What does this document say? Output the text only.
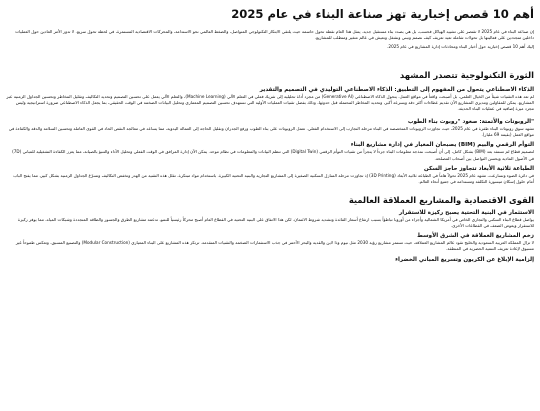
أهم 10 قصص إخبارية تهز صناعة البناء في عام 2025

إن صناعة البناء في عام 2025 لا تقتصر على تشييد الهياكل فحسب، بل هي بصدد بناء مستقبل جديد. يمثل هذا العام نقطة تحول حاسمة حيث يلتقي الابتكار التكنولوجي المتواصل، والضغط العالمي نحو الاستدامة، والمحركات الاقتصادية المستمرة، في لحظة تحول سريع. لا تدور الأمر العادين حول العمليات داخلين متجددين على فعاليتها بل تحولات شاملة تعيد تعريف كيف نصمم ونبني ونشغل ونعيش في عالم متغير ومتطلب للمشاريع.

إليك أهم 10 قصص إخبارية حول أخبار البناء ومحادثات إدارة المشاريع في عام 2025.

الثورة التكنولوجية تتصدر المشهد
الذكاء الاصطناعي يتحول من المفهوم إلى التطبيق: الذكاء الاصطناعي التوليدي في التصميم والتقدير

لم تعد هذه التقنيات شيئاً من الخيال العلمي، بل أصبحت واقعاً في مواقع العمل. يتحول الذكاء الاصطناعي (Generative AI) من مجرد أداة تحليلية إلى شريك فعلي في التعلم الآلي (Machine Learning)، والتعلم الآلي يعمل على تحسين التصميم وتحديد التكاليف وتقليل المخاطر وتحسين الجداول الزمنية عبر المشاريع. يمكن للمقاولين ومديري المشاريع الآن تقديم عطاءات أكثر دقة وبسرعة أكبر، وتحديد المخاطر المحتملة قبل حدوثها، وذلك بفضل تقنيات العمليات الأولية التي تستهدف تحسين التصميم المعماري وتحليل البيانات الضخمة في الوقت الحقيقي، بما يجعل الذكاء الاصطناعي ضرورة استراتيجية وليس مجرد ميزة إضافية في عمليات البناء الحديثة.

"الروبوتات والأتمتة: صعود "روبوت بناء الطوب

تشهد سوق روبوتات البناء طفرة في عام 2025، حيث تجاوزت الروبوتات المتخصصة في البناء مرحلة التجارب إلى الاستخدام الفعلي. تعمل الروبوتات على بناء الطوب ورفع الجدران وتقليل الحاجة إلى العمالة اليدوية، مما يساعد في معالجة النقص الحاد في القوى العاملة وتحسين السلامة والدقة والكفاءة في مواقع العمل (بقيمة 69 مليار).

التوأم الرقمي والبيم (BIM) يصبحان المعيار في إدارة مشاريع البناء

لتصميم قطاع لم تستفد بعد (BIM) بشكل كامل، إلى أن أصبحت نمذجة معلومات البناء جزءاً لا يتجزأ من تقنيات التوأم الرقمي (Digital Twin) التي تنظم البيانات والمعلومات في نظام موحد. يمكن الآن إدارة المرافق في الوقت الفعلي وتحليل الأداء والتنبؤ بالصيانة، مما يعزز الكفاءة التشغيلية للمباني (7D) في الأصول المادية ويحسن التواصل بين أصحاب المصلحة.

الطباعة ثلاثية الأبعاد تتجاوز حاجز السكن

في دائرة الضوء وتسارعت، تشهد عام 2025 تحولاً هاماً في الطباعة ثلاثية الأبعاد (3D Printing) إذ تجاوزت مرحلة المنازل السكنية الصغيرة إلى المشاريع التجارية والبنية التحتية الكبيرة. باستخدام مواد مبتكرة، تقلل هذه التقنية من الهدر وتخفض التكاليف وتسرّع الجداول الزمنية بشكل كبير، مما يفتح الباب أمام حلول إسكان ميسورة التكلفة ومستدامة في جميع أنحاء العالم.

القوى الاقتصادية والمشاريع العملاقة العالمية
الاستثمار في البنية التحتية يصبح ركيزة للاستقرار

يواصل قطاع البناء السكني والتجاري الخاص في أمريكا الشمالية وأجزاء من أوروبا تباطؤاً بسبب ارتفاع أسعار الفائدة وتشديد شروط الائتمان. لكن هذا الاتفاق على البنية التحتية في القطاع العام أصبح محركاً رئيسياً للنمو، تدعمه مشاريع الطرق والجسور والطاقة المتجددة وشبكات المياه، مما يوفر ركيزة للاستقرار ويعوض الضعف في القطاعات الأخرى.

زخم المشاريع العملاقة في الشرق الأوسط

لا تزال المملكة العربية السعودية والخليج تقود عالم المشاريع العملاقة، حيث تستمر مشاريع رؤية 2030 مثل نيوم وذا لاين والقدية والبحر الأحمر في جذب الاستثمارات الضخمة والتقنيات المتقدمة. ترتكز هذه المشاريع على البناء المعياري (Modular Construction) والتصنيع المسبق، وتعكس طموحاً غير مسبوق لإعادة تعريف التنمية الحضرية في المنطقة.

إلزامية الإبلاغ عن الكربون وتسريع المباني الخضراء
